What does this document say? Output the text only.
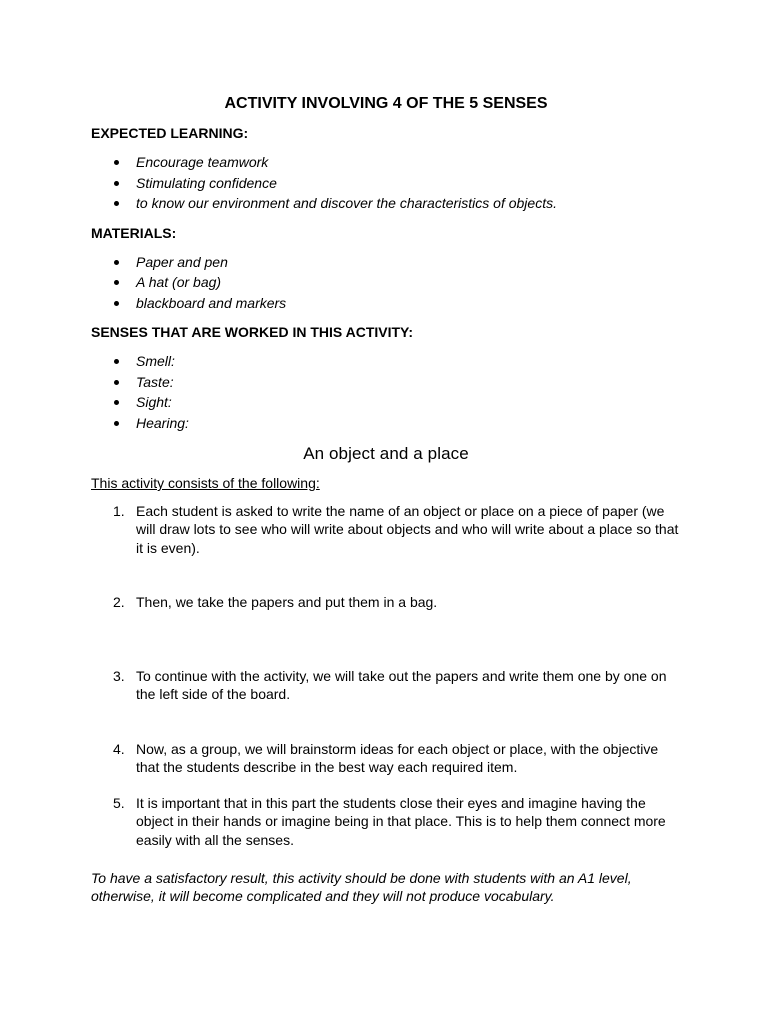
ACTIVITY INVOLVING 4 OF THE 5 SENSES
EXPECTED LEARNING:
Encourage teamwork
Stimulating confidence
to know our environment and discover the characteristics of objects.
MATERIALS:
Paper and pen
A hat (or bag)
blackboard and markers
SENSES THAT ARE WORKED IN THIS ACTIVITY:
Smell:
Taste:
Sight:
Hearing:
An object and a place
This activity consists of the following:
1. Each student is asked to write the name of an object or place on a piece of paper (we will draw lots to see who will write about objects and who will write about a place so that it is even).
2. Then, we take the papers and put them in a bag.
3. To continue with the activity, we will take out the papers and write them one by one on the left side of the board.
4. Now, as a group, we will brainstorm ideas for each object or place, with the objective that the students describe in the best way each required item.
5. It is important that in this part the students close their eyes and imagine having the object in their hands or imagine being in that place. This is to help them connect more easily with all the senses.
To have a satisfactory result, this activity should be done with students with an A1 level, otherwise, it will become complicated and they will not produce vocabulary.
